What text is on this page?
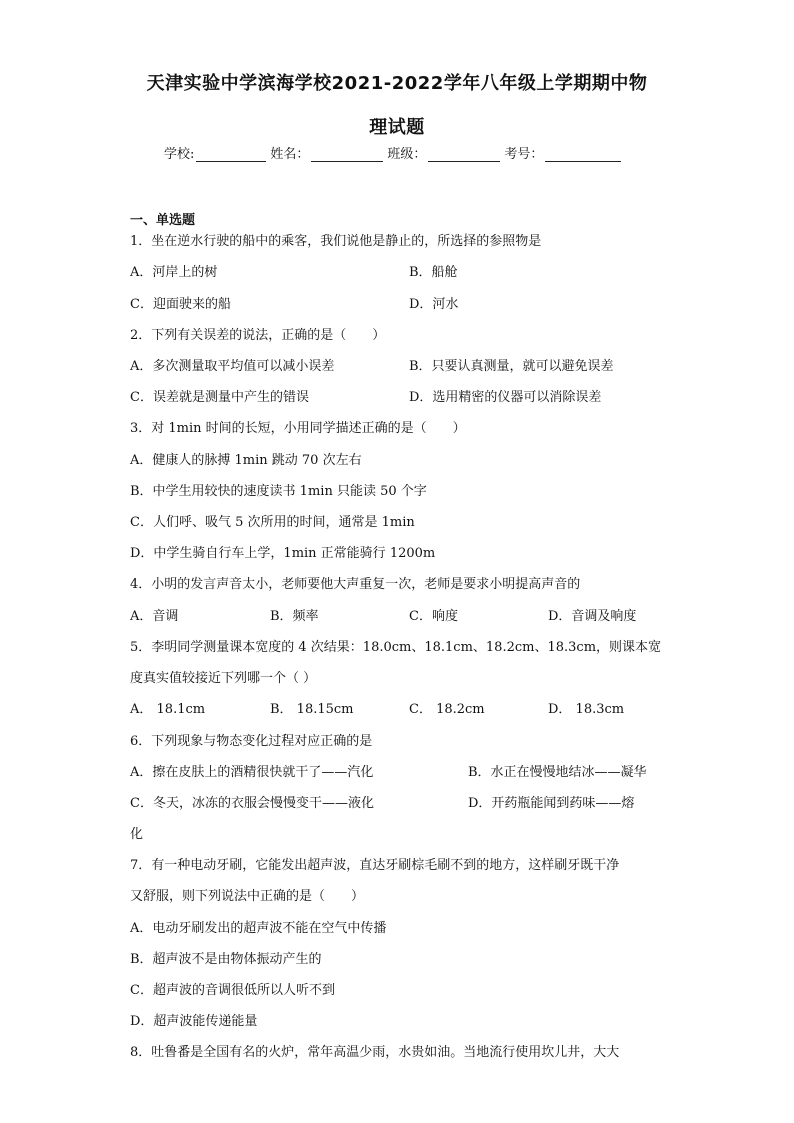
天津实验中学滨海学校2021-2022学年八年级上学期期中物
理试题
学校:	姓名：	班级：	考号：
一、单选题
1．坐在逆水行驶的船中的乘客，我们说他是静止的，所选择的参照物是
A．河岸上的树	B．船舱
C．迎面驶来的船	D．河水
2．下列有关误差的说法，正确的是（　　）
A．多次测量取平均值可以减小误差	B．只要认真测量，就可以避免误差
C．误差就是测量中产生的错误	D．选用精密的仪器可以消除误差
3．对 1min 时间的长短，小用同学描述正确的是（　　）
A．健康人的脉搏 1min 跳动 70 次左右
B．中学生用较快的速度读书 1min 只能读 50 个字
C．人们呼、吸气 5 次所用的时间，通常是 1min
D．中学生骑自行车上学，1min 正常能骑行 1200m
4．小明的发言声音太小，老师要他大声重复一次，老师是要求小明提高声音的
A．音调	B．频率	C．响度	D．音调及响度
5．李明同学测量课本宽度的 4 次结果：18.0cm、18.1cm、18.2cm、18.3cm，则课本宽
度真实值较接近下列哪一个（ ）
A． 18.1cm	B． 18.15cm	C． 18.2cm	D． 18.3cm
6．下列现象与物态变化过程对应正确的是
A．擦在皮肤上的酒精很快就干了——汽化	B．水正在慢慢地结冰——凝华
C．冬天，冰冻的衣服会慢慢变干——液化	D．开药瓶能闻到药味——熔
化
7．有一种电动牙刷，它能发出超声波，直达牙刷棕毛刷不到的地方，这样刷牙既干净
又舒服，则下列说法中正确的是（　　）
A．电动牙刷发出的超声波不能在空气中传播
B．超声波不是由物体振动产生的
C．超声波的音调很低所以人听不到
D．超声波能传递能量
8．吐鲁番是全国有名的火炉，常年高温少雨，水贵如油。当地流行使用坎儿井，大大
